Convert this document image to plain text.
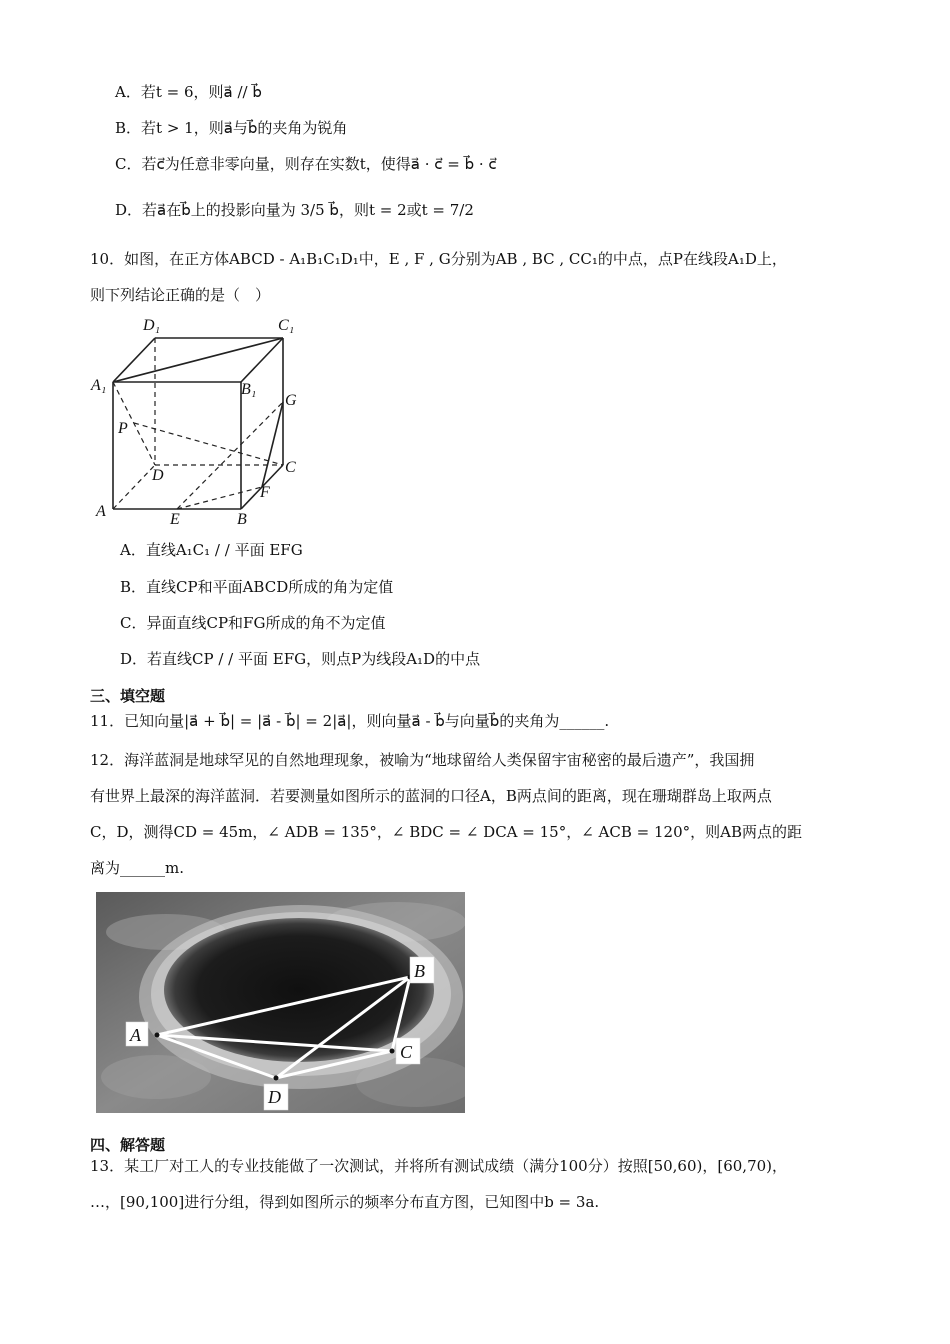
A．若t = 6，则a⃗ // b⃗
B．若t > 1，则a⃗与b⃗的夹角为锐角
C．若c⃗为任意非零向量，则存在实数t，使得a⃗ · c⃗ = b⃗ · c⃗
D．若a⃗在b⃗上的投影向量为 3/5 b⃗，则t = 2或t = 7/2
10．如图，在正方体ABCD - A₁B₁C₁D₁中，E , F , G分别为AB , BC , CC₁的中点，点P在线段A₁D上，
则下列结论正确的是（　）
D₁	C₁
A₁	B₁
G
P
D	C
F
A	E	B
A．直线A₁C₁ / / 平面 EFG
B．直线CP和平面ABCD所成的角为定值
C．异面直线CP和FG所成的角不为定值
D．若直线CP / / 平面 EFG，则点P为线段A₁D的中点
三、填空题
11．已知向量|a⃗ + b⃗| = |a⃗ - b⃗| = 2|a⃗|，则向量a⃗ - b⃗与向量b⃗的夹角为______.
12．海洋蓝洞是地球罕见的自然地理现象，被喻为“地球留给人类保留宇宙秘密的最后遗产”，我国拥
有世界上最深的海洋蓝洞．若要测量如图所示的蓝洞的口径A，B两点间的距离，现在珊瑚群岛上取两点
C，D，测得CD = 45m，∠ ADB = 135°，∠ BDC = ∠ DCA = 15°，∠ ACB = 120°，则AB两点的距
离为______m.
A
B
C
D
四、解答题
13．某工厂对工人的专业技能做了一次测试，并将所有测试成绩（满分100分）按照[50,60)，[60,70)，
…，[90,100]进行分组，得到如图所示的频率分布直方图，已知图中b = 3a.
